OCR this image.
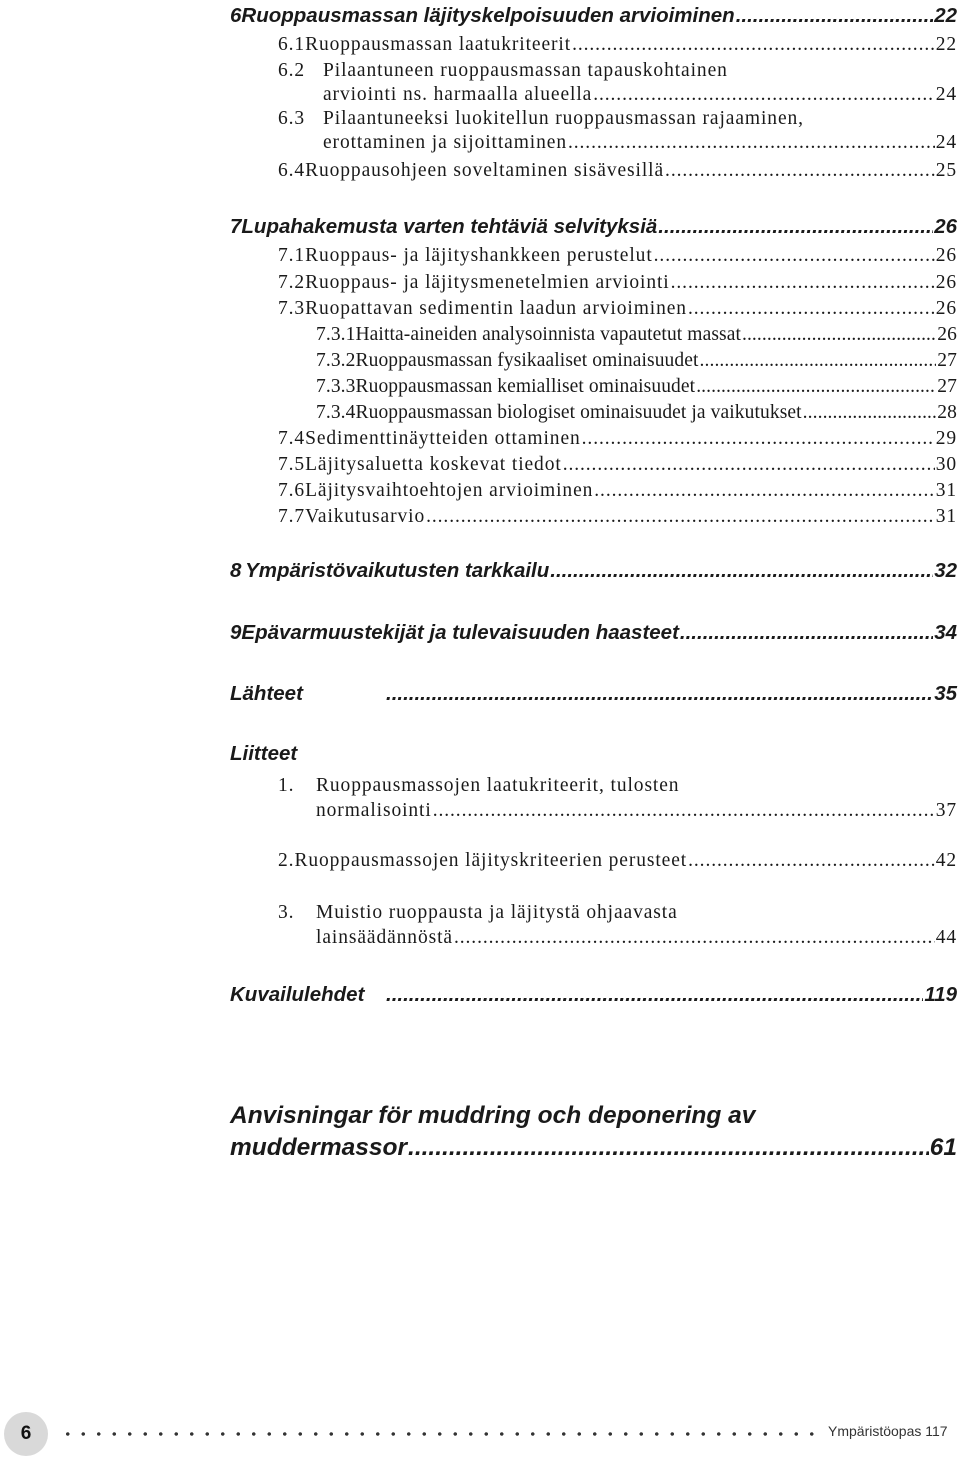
6 Ruoppausmassan läjityskelpoisuuden arvioiminen .....	22
6.1 Ruoppausmassan laatukriteerit .....	22
6.2 Pilaantuneen ruoppausmassan tapauskohtainen
arviointi ns. harmaalla alueella .....	24
6.3 Pilaantuneeksi luokitellun ruoppausmassan rajaaminen,
erottaminen ja sijoittaminen .....	24
6.4 Ruoppausohjeen soveltaminen sisävesillä .....	25
7 Lupahakemusta varten tehtäviä selvityksiä .....	26
7.1 Ruoppaus- ja läjityshankkeen perustelut .....	26
7.2 Ruoppaus- ja läjitysmenetelmien arviointi .....	26
7.3 Ruopattavan sedimentin laadun arvioiminen .....	26
7.3.1 Haitta-aineiden analysoinnista vapautetut massat .....	26
7.3.2 Ruoppausmassan fysikaaliset ominaisuudet .....	27
7.3.3 Ruoppausmassan kemialliset ominaisuudet .....	27
7.3.4 Ruoppausmassan biologiset ominaisuudet ja vaikutukset .....	28
7.4 Sedimenttinäytteiden ottaminen .....	29
7.5 Läjitysaluetta koskevat tiedot .....	30
7.6 Läjitysvaihtoehtojen arvioiminen .....	31
7.7 Vaikutusarvio .....	31
8 Ympäristövaikutusten tarkkailu .....	32
9 Epävarmuustekijät ja tulevaisuuden haasteet .....	34
Lähteet .....	35
Liitteet
1.	Ruoppausmassojen laatukriteerit, tulosten
normalisointi .....	37
2. Ruoppausmassojen läjityskriteerien perusteet .....	42
3.	Muistio ruoppausta ja läjitystä ohjaavasta
lainsäädännöstä .....	44
Kuvailulehdet .....	119
Anvisningar för muddring och deponering av
muddermassor .....	61
6	Ympäristöopas 117
